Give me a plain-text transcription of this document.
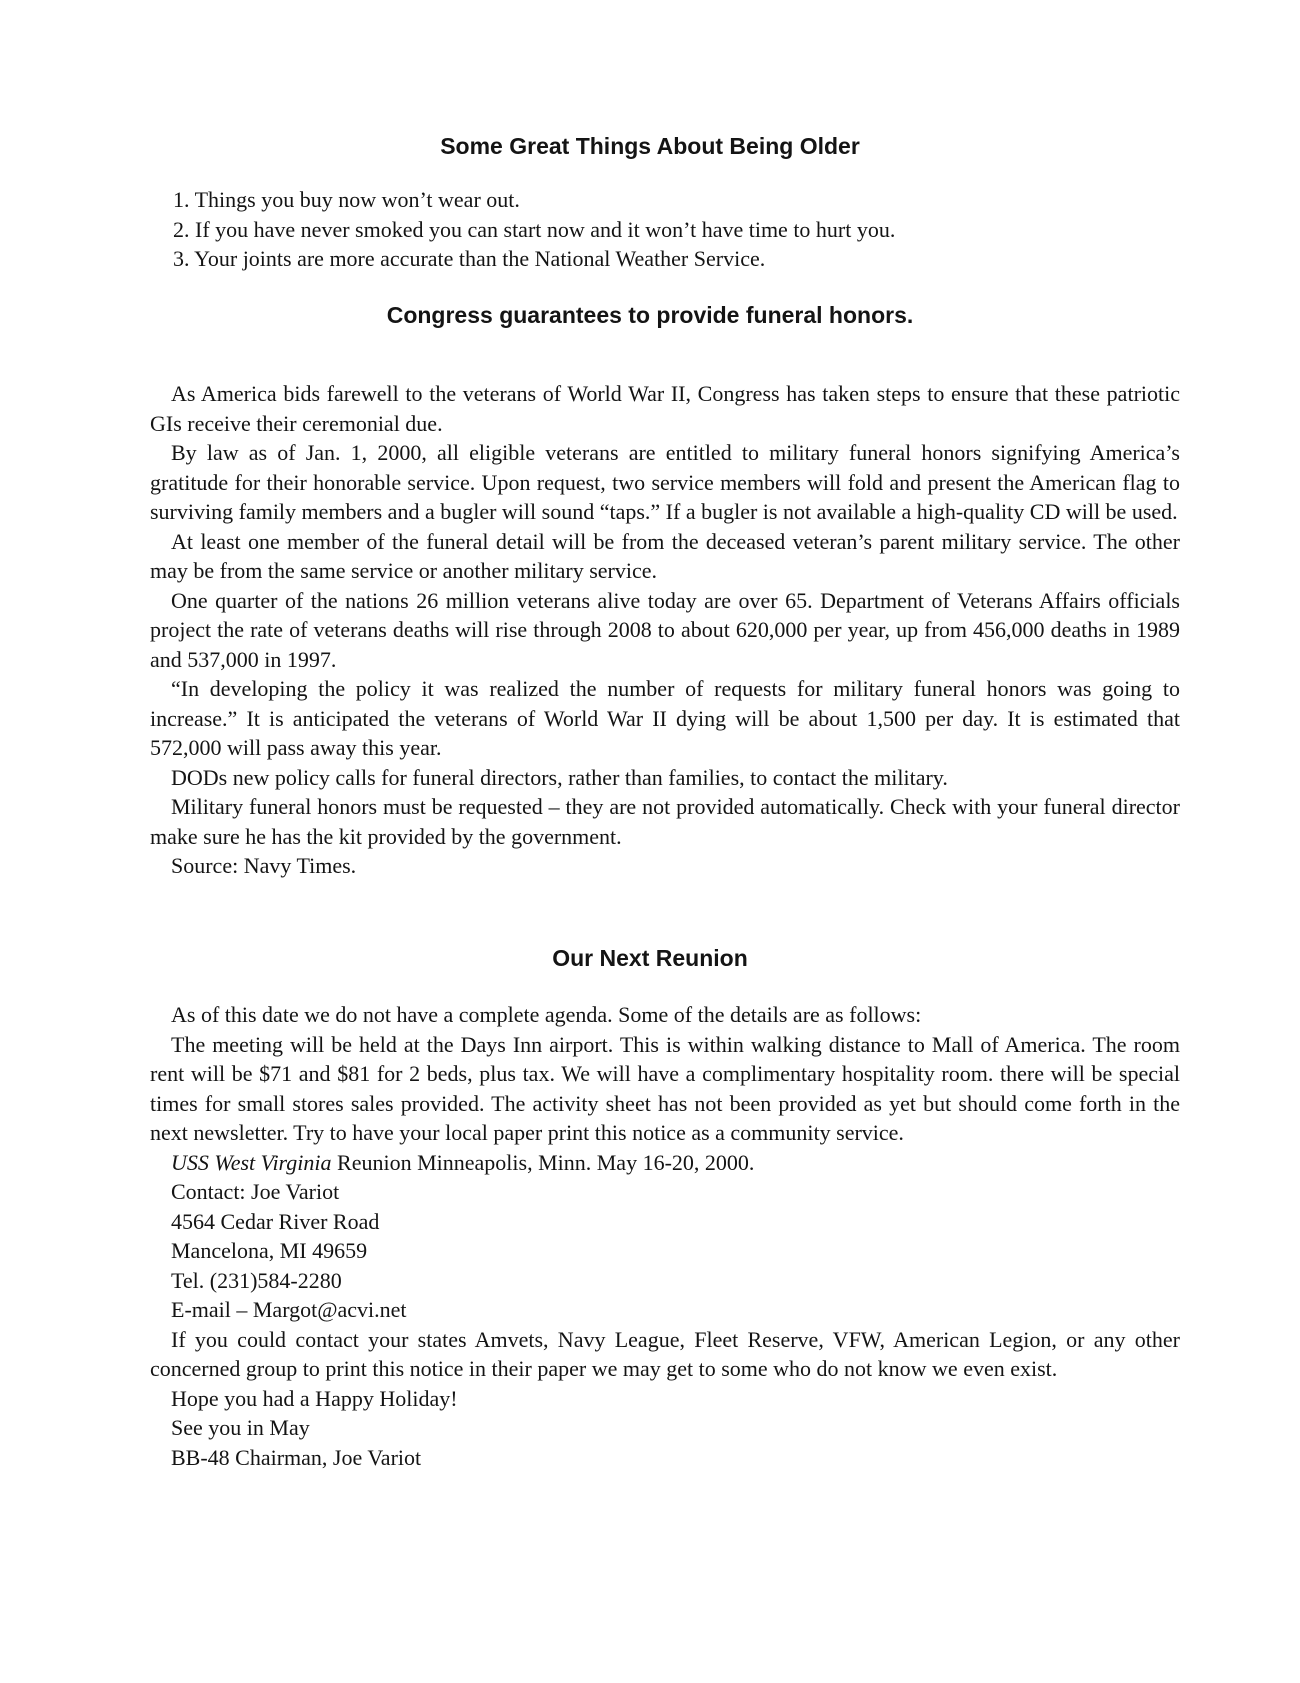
Some Great Things About Being Older

1. Things you buy now won’t wear out.

2. If you have never smoked you can start now and it won’t have time to hurt you.

3. Your joints are more accurate than the National Weather Service.

Congress guarantees to provide funeral honors.

As America bids farewell to the veterans of World War II, Congress has taken steps to ensure that these patriotic GIs receive their ceremonial due.

By law as of Jan. 1, 2000, all eligible veterans are entitled to military funeral honors signifying America’s gratitude for their honorable service. Upon request, two service members will fold and present the American flag to surviving family members and a bugler will sound “taps.” If a bugler is not available a high-quality CD will be used.

At least one member of the funeral detail will be from the deceased veteran’s parent military service. The other may be from the same service or another military service.

One quarter of the nations 26 million veterans alive today are over 65. Department of Veterans Affairs officials project the rate of veterans deaths will rise through 2008 to about 620,000 per year, up from 456,000 deaths in 1989 and 537,000 in 1997.

“In developing the policy it was realized the number of requests for military funeral honors was going to increase.” It is anticipated the veterans of World War II dying will be about 1,500 per day. It is estimated that 572,000 will pass away this year.

DODs new policy calls for funeral directors, rather than families, to contact the military.

Military funeral honors must be requested – they are not provided automatically. Check with your funeral director make sure he has the kit provided by the government.

Source: Navy Times.

Our Next Reunion

As of this date we do not have a complete agenda. Some of the details are as follows:

The meeting will be held at the Days Inn airport. This is within walking distance to Mall of America. The room rent will be $71 and $81 for 2 beds, plus tax. We will have a complimentary hospitality room. there will be special times for small stores sales provided. The activity sheet has not been provided as yet but should come forth in the next newsletter. Try to have your local paper print this notice as a community service.

USS West Virginia Reunion Minneapolis, Minn. May 16-20, 2000.

Contact: Joe Variot

4564 Cedar River Road

Mancelona, MI 49659

Tel. (231)584-2280

E-mail – Margot@acvi.net

If you could contact your states Amvets, Navy League, Fleet Reserve, VFW, American Legion, or any other concerned group to print this notice in their paper we may get to some who do not know we even exist.

Hope you had a Happy Holiday!

See you in May

BB-48 Chairman, Joe Variot
